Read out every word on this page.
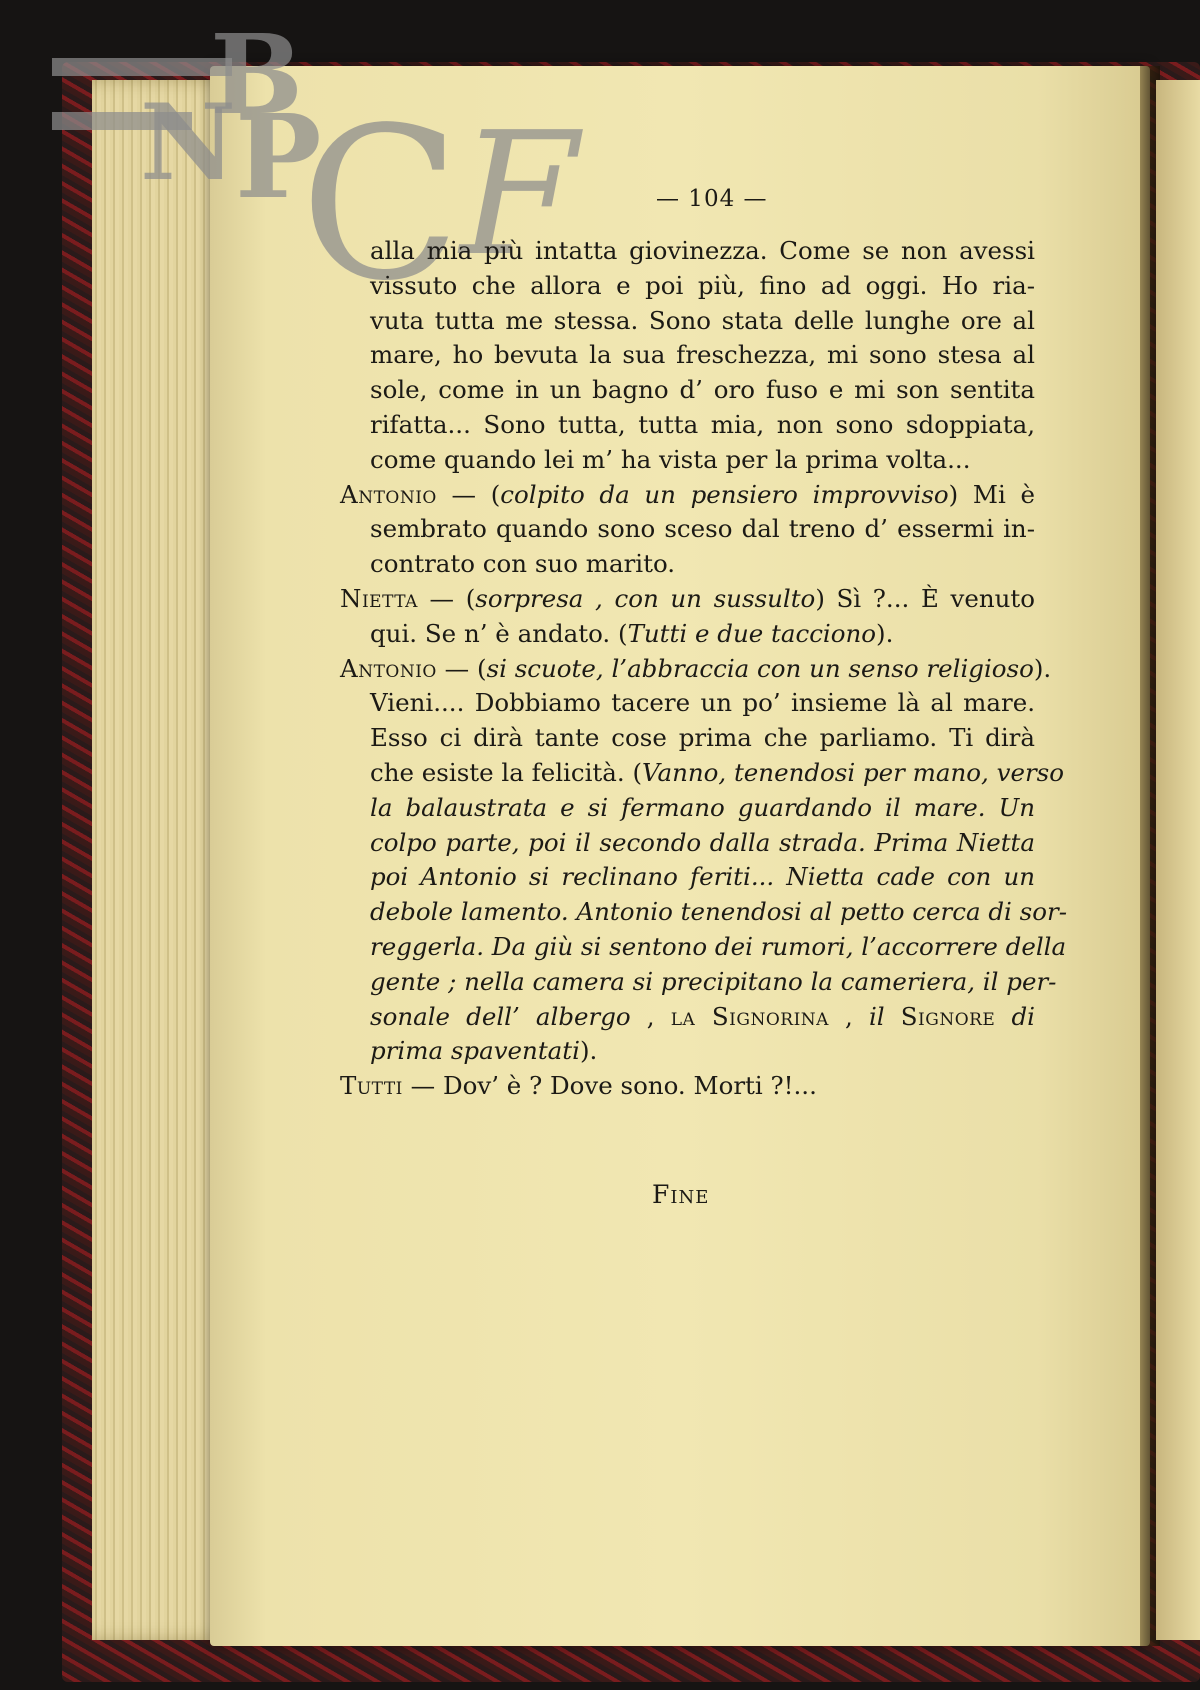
B
N P
C F	— 104 —
alla mia più intatta giovinezza. Come se non avessi
vissuto che allora e poi più, fino ad oggi. Ho ria-
vuta tutta me stessa. Sono stata delle lunghe ore al
mare, ho bevuta la sua freschezza, mi sono stesa al
sole, come in un bagno d’ oro fuso e mi son sentita
rifatta... Sono tutta, tutta mia, non sono sdoppiata,
come quando lei m’ ha vista per la prima volta...
Antonio — (colpito da un pensiero improvviso) Mi è
sembrato quando sono sceso dal treno d’ essermi in-
contrato con suo marito.
Nietta — (sorpresa , con un sussulto) Sì ?... È venuto
qui. Se n’ è andato. (Tutti e due tacciono).
Antonio — (si scuote, l’abbraccia con un senso religioso).
Vieni.... Dobbiamo tacere un po’ insieme là al mare.
Esso ci dirà tante cose prima che parliamo. Ti dirà
che esiste la felicità. (Vanno, tenendosi per mano, verso
la balaustrata e si fermano guardando il mare. Un
colpo parte, poi il secondo dalla strada. Prima Nietta
poi Antonio si reclinano feriti... Nietta cade con un
debole lamento. Antonio tenendosi al petto cerca di sor-
reggerla. Da giù si sentono dei rumori, l’accorrere della
gente ; nella camera si precipitano la cameriera, il per-
sonale dell’ albergo , la Signorina , il Signore di
prima spaventati).
Tutti — Dov’ è ? Dove sono. Morti ?!...
Fine
